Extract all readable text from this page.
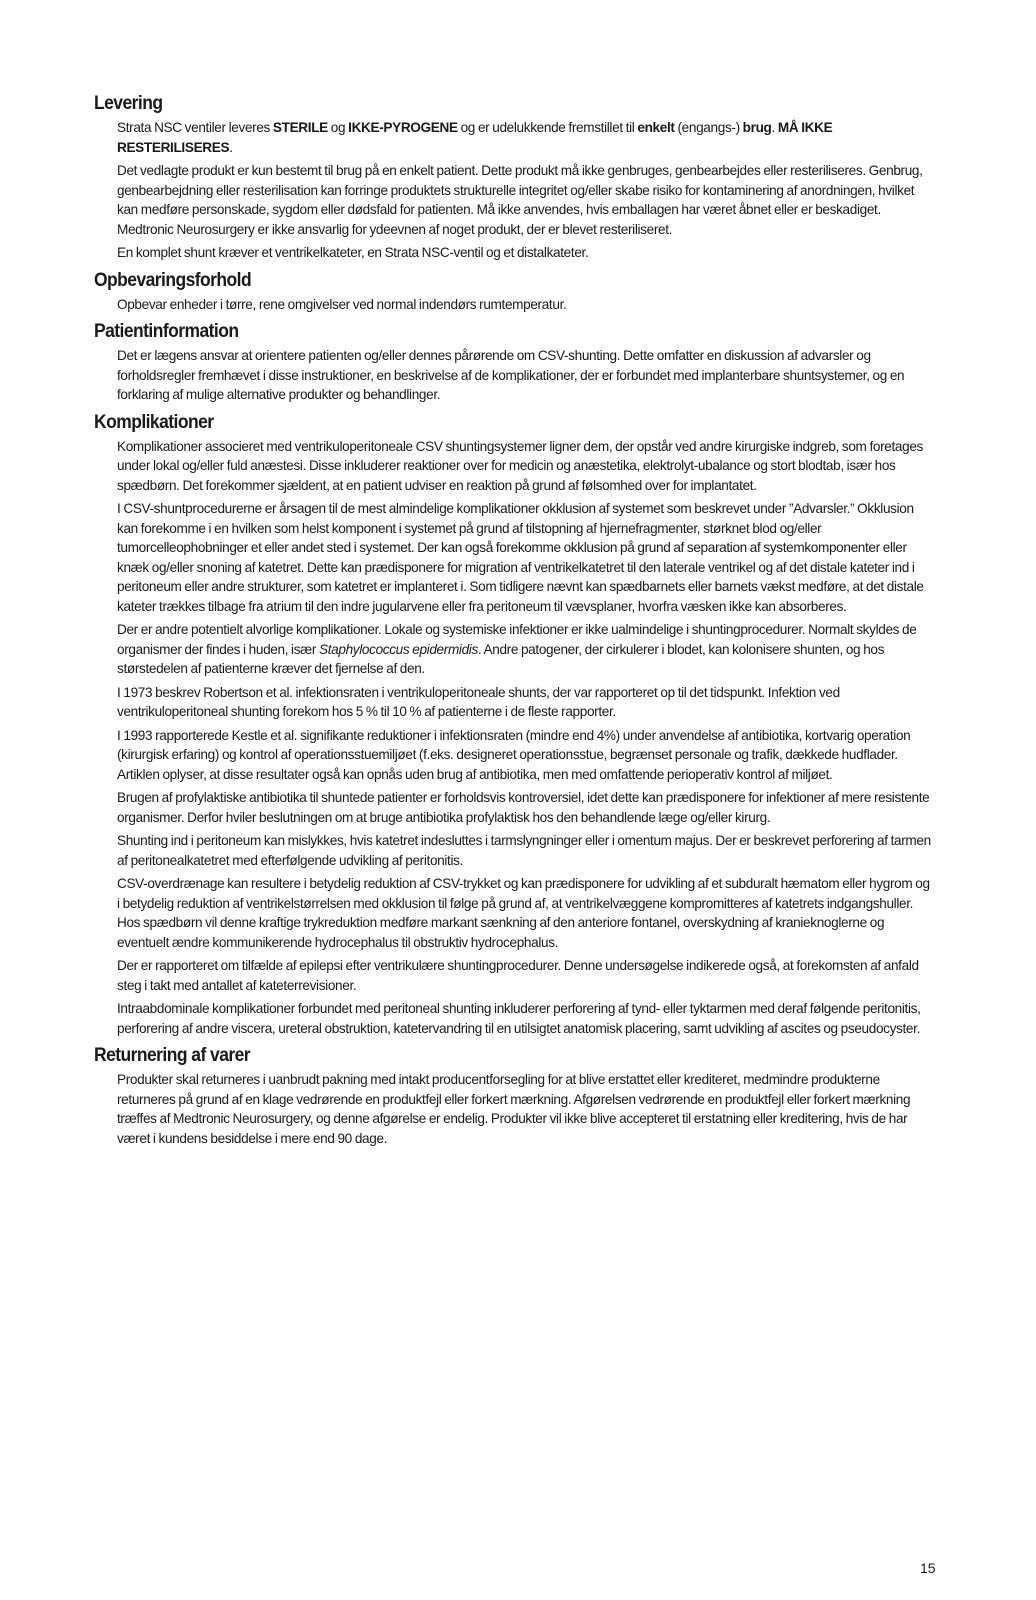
Levering

Strata NSC ventiler leveres STERILE og IKKE-PYROGENE og er udelukkende fremstillet til enkelt (engangs-) brug. MÅ IKKE RESTERILISERES.

Det vedlagte produkt er kun bestemt til brug på en enkelt patient. Dette produkt må ikke genbruges, genbearbejdes eller resteriliseres. Genbrug, genbearbejdning eller resterilisation kan forringe produktets strukturelle integritet og/eller skabe risiko for kontaminering af anordningen, hvilket kan medføre personskade, sygdom eller dødsfald for patienten. Må ikke anvendes, hvis emballagen har været åbnet eller er beskadiget. Medtronic Neurosurgery er ikke ansvarlig for ydeevnen af noget produkt, der er blevet resteriliseret.

En komplet shunt kræver et ventrikelkateter, en Strata NSC-ventil og et distalkateter.

Opbevaringsforhold

Opbevar enheder i tørre, rene omgivelser ved normal indendørs rumtemperatur.

Patientinformation

Det er lægens ansvar at orientere patienten og/eller dennes pårørende om CSV-shunting. Dette omfatter en diskussion af advarsler og forholdsregler fremhævet i disse instruktioner, en beskrivelse af de komplikationer, der er forbundet med implanterbare shuntsystemer, og en forklaring af mulige alternative produkter og behandlinger.

Komplikationer

Komplikationer associeret med ventrikuloperitoneale CSV shuntingsystemer ligner dem, der opstår ved andre kirurgiske indgreb, som foretages under lokal og/eller fuld anæstesi. Disse inkluderer reaktioner over for medicin og anæstetika, elektrolyt-ubalance og stort blodtab, især hos spædbørn. Det forekommer sjældent, at en patient udviser en reaktion på grund af følsomhed over for implantatet.

I CSV-shuntprocedurerne er årsagen til de mest almindelige komplikationer okklusion af systemet som beskrevet under ”Advarsler.” Okklusion kan forekomme i en hvilken som helst komponent i systemet på grund af tilstopning af hjernefragmenter, størknet blod og/eller tumorcelleophobninger et eller andet sted i systemet. Der kan også forekomme okklusion på grund af separation af systemkomponenter eller knæk og/eller snoning af katetret. Dette kan prædisponere for migration af ventrikelkatetret til den laterale ventrikel og af det distale kateter ind i peritoneum eller andre strukturer, som katetret er implanteret i. Som tidligere nævnt kan spædbarnets eller barnets vækst medføre, at det distale kateter trækkes tilbage fra atrium til den indre jugularvene eller fra peritoneum til vævsplaner, hvorfra væsken ikke kan absorberes.

Der er andre potentielt alvorlige komplikationer. Lokale og systemiske infektioner er ikke ualmindelige i shuntingprocedurer. Normalt skyldes de organismer der findes i huden, især Staphylococcus epidermidis. Andre patogener, der cirkulerer i blodet, kan kolonisere shunten, og hos størstedelen af patienterne kræver det fjernelse af den.

I 1973 beskrev Robertson et al. infektionsraten i ventrikuloperitoneale shunts, der var rapporteret op til det tidspunkt. Infektion ved ventrikuloperitoneal shunting forekom hos 5 % til 10 % af patienterne i de fleste rapporter.

I 1993 rapporterede Kestle et al. signifikante reduktioner i infektionsraten (mindre end 4%) under anvendelse af antibiotika, kortvarig operation (kirurgisk erfaring) og kontrol af operationsstuemiljøet (f.eks. designeret operationsstue, begrænset personale og trafik, dækkede hudflader. Artiklen oplyser, at disse resultater også kan opnås uden brug af antibiotika, men med omfattende perioperativ kontrol af miljøet.

Brugen af profylaktiske antibiotika til shuntede patienter er forholdsvis kontroversiel, idet dette kan prædisponere for infektioner af mere resistente organismer. Derfor hviler beslutningen om at bruge antibiotika profylaktisk hos den behandlende læge og/eller kirurg.

Shunting ind i peritoneum kan mislykkes, hvis katetret indesluttes i tarmslyngninger eller i omentum majus. Der er beskrevet perforering af tarmen af peritonealkatetret med efterfølgende udvikling af peritonitis.

CSV-overdrænage kan resultere i betydelig reduktion af CSV-trykket og kan prædisponere for udvikling af et subduralt hæmatom eller hygrom og i betydelig reduktion af ventrikelstørrelsen med okklusion til følge på grund af, at ventrikelvæggene kompromitteres af katetrets indgangshuller. Hos spædbørn vil denne kraftige trykreduktion medføre markant sænkning af den anteriore fontanel, overskydning af kranieknoglerne og eventuelt ændre kommunikerende hydrocephalus til obstruktiv hydrocephalus.

Der er rapporteret om tilfælde af epilepsi efter ventrikulære shuntingprocedurer. Denne undersøgelse indikerede også, at forekomsten af anfald steg i takt med antallet af kateterrevisioner.

Intraabdominale komplikationer forbundet med peritoneal shunting inkluderer perforering af tynd- eller tyktarmen med deraf følgende peritonitis, perforering af andre viscera, ureteral obstruktion, katetervandring til en utilsigtet anatomisk placering, samt udvikling af ascites og pseudocyster.

Returnering af varer

Produkter skal returneres i uanbrudt pakning med intakt producentforsegling for at blive erstattet eller krediteret, medmindre produkterne returneres på grund af en klage vedrørende en produktfejl eller forkert mærkning. Afgørelsen vedrørende en produktfejl eller forkert mærkning træffes af Medtronic Neurosurgery, og denne afgørelse er endelig. Produkter vil ikke blive accepteret til erstatning eller kreditering, hvis de har været i kundens besiddelse i mere end 90 dage.

15
